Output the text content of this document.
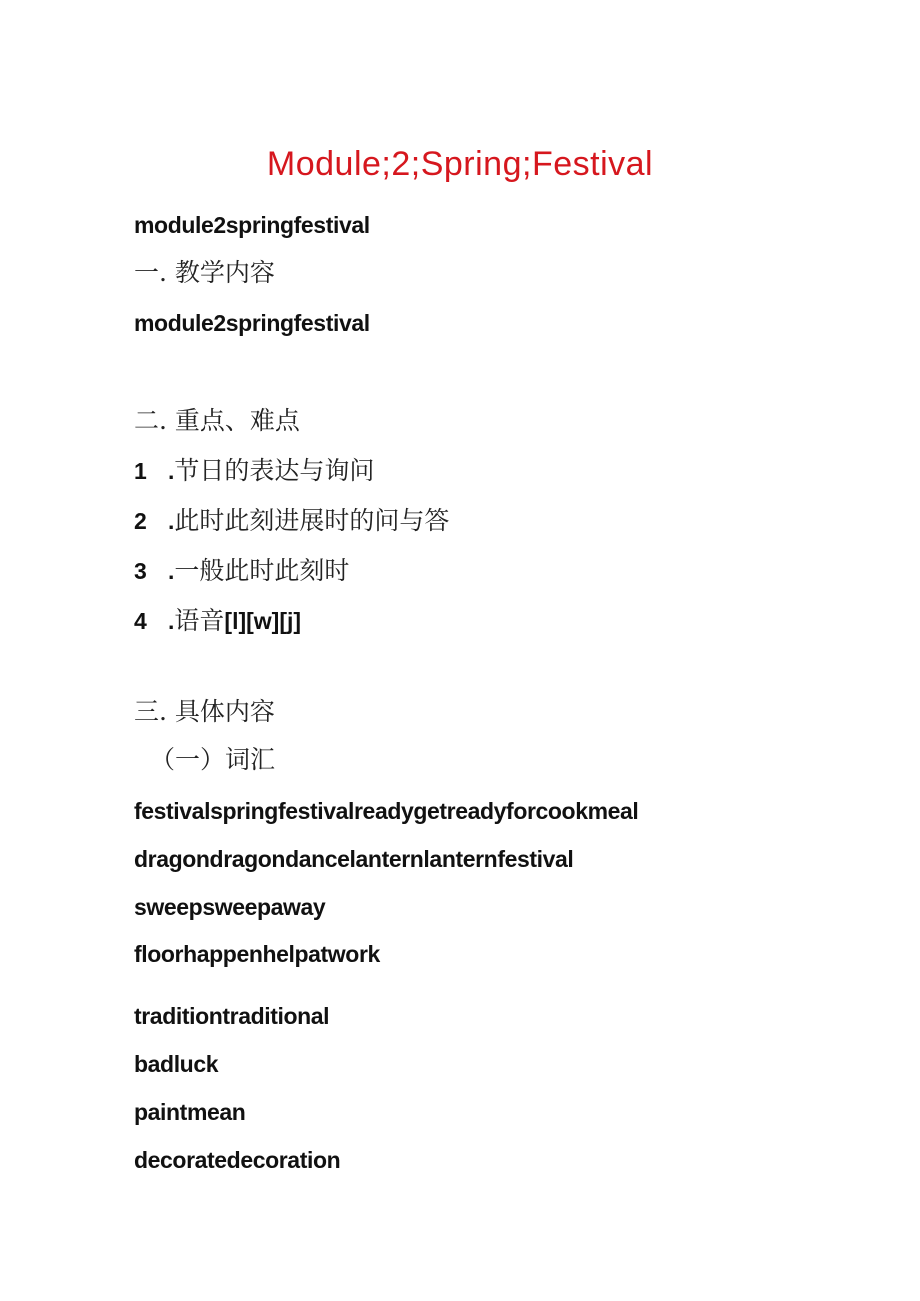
Module;2;Spring;Festival
module2springfestival
一. 教学内容
module2springfestival
二. 重点、难点
1 .节日的表达与询问
2 .此时此刻进展时的问与答
3 .一般此时此刻时
4 .语音[l][w][j]
三. 具体内容
（一）词汇
festivalspringfestivalreadygetreadyforcookmeal
dragondragondancelanternlanternfestival
sweepsweepaway
floorhappenhelpatwork
traditiontraditional
badluck
paintmean
decoratedecoration
